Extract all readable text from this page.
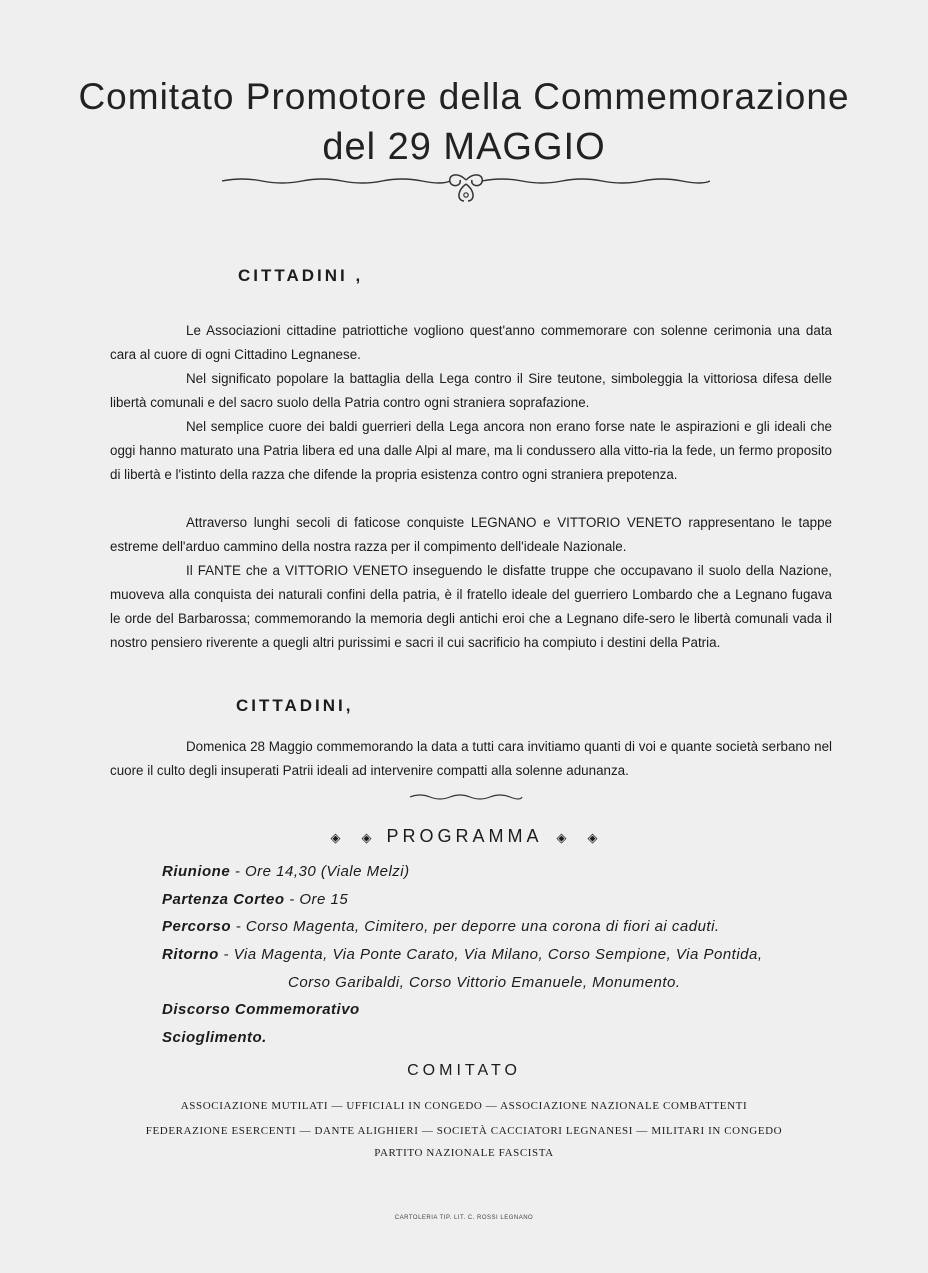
Comitato Promotore della Commemorazione
del 29 MAGGIO
CITTADINI ,

Le Associazioni cittadine patriottiche vogliono quest'anno commemorare con solenne cerimonia una data cara al cuore di ogni Cittadino Legnanese.

Nel significato popolare la battaglia della Lega contro il Sire teutone, simboleggia la vittoriosa difesa delle libertà comunali e del sacro suolo della Patria contro ogni straniera soprafazione.

Nel semplice cuore dei baldi guerrieri della Lega ancora non erano forse nate le aspirazioni e gli ideali che oggi hanno maturato una Patria libera ed una dalle Alpi al mare, ma li condussero alla vitto-ria la fede, un fermo proposito di libertà e l'istinto della razza che difende la propria esistenza contro ogni straniera prepotenza.

Attraverso lunghi secoli di faticose conquiste LEGNANO e VITTORIO VENETO rappresentano le tappe estreme dell'arduo cammino della nostra razza per il compimento dell'ideale Nazionale.

Il FANTE che a VITTORIO VENETO inseguendo le disfatte truppe che occupavano il suolo della Nazione, muoveva alla conquista dei naturali confini della patria, è il fratello ideale del guerriero Lombardo che a Legnano fugava le orde del Barbarossa; commemorando la memoria degli antichi eroi che a Legnano dife-sero le libertà comunali vada il nostro pensiero riverente a quegli altri purissimi e sacri il cui sacrificio ha compiuto i destini della Patria.

CITTADINI,

Domenica 28 Maggio commemorando la data a tutti cara invitiamo quanti di voi e quante società serbano nel cuore il culto degli insuperati Patrii ideali ad intervenire compatti alla solenne adunanza.

◈ ◈ PROGRAMMA ◈ ◈
Riunione - Ore 14,30 (Viale Melzi)
Partenza Corteo - Ore 15
Percorso - Corso Magenta, Cimitero, per deporre una corona di fiori ai caduti.
Ritorno - Via Magenta, Via Ponte Carato, Via Milano, Corso Sempione, Via Pontida,
Corso Garibaldi, Corso Vittorio Emanuele, Monumento.
Discorso Commemorativo
Scioglimento.
COMITATO
ASSOCIAZIONE MUTILATI — UFFICIALI IN CONGEDO — ASSOCIAZIONE NAZIONALE COMBATTENTI
FEDERAZIONE ESERCENTI — DANTE ALIGHIERI — SOCIETÀ CACCIATORI LEGNANESI — MILITARI IN CONGEDO
PARTITO NAZIONALE FASCISTA
CARTOLERIA TIP. LIT. C. ROSSI LEGNANO
